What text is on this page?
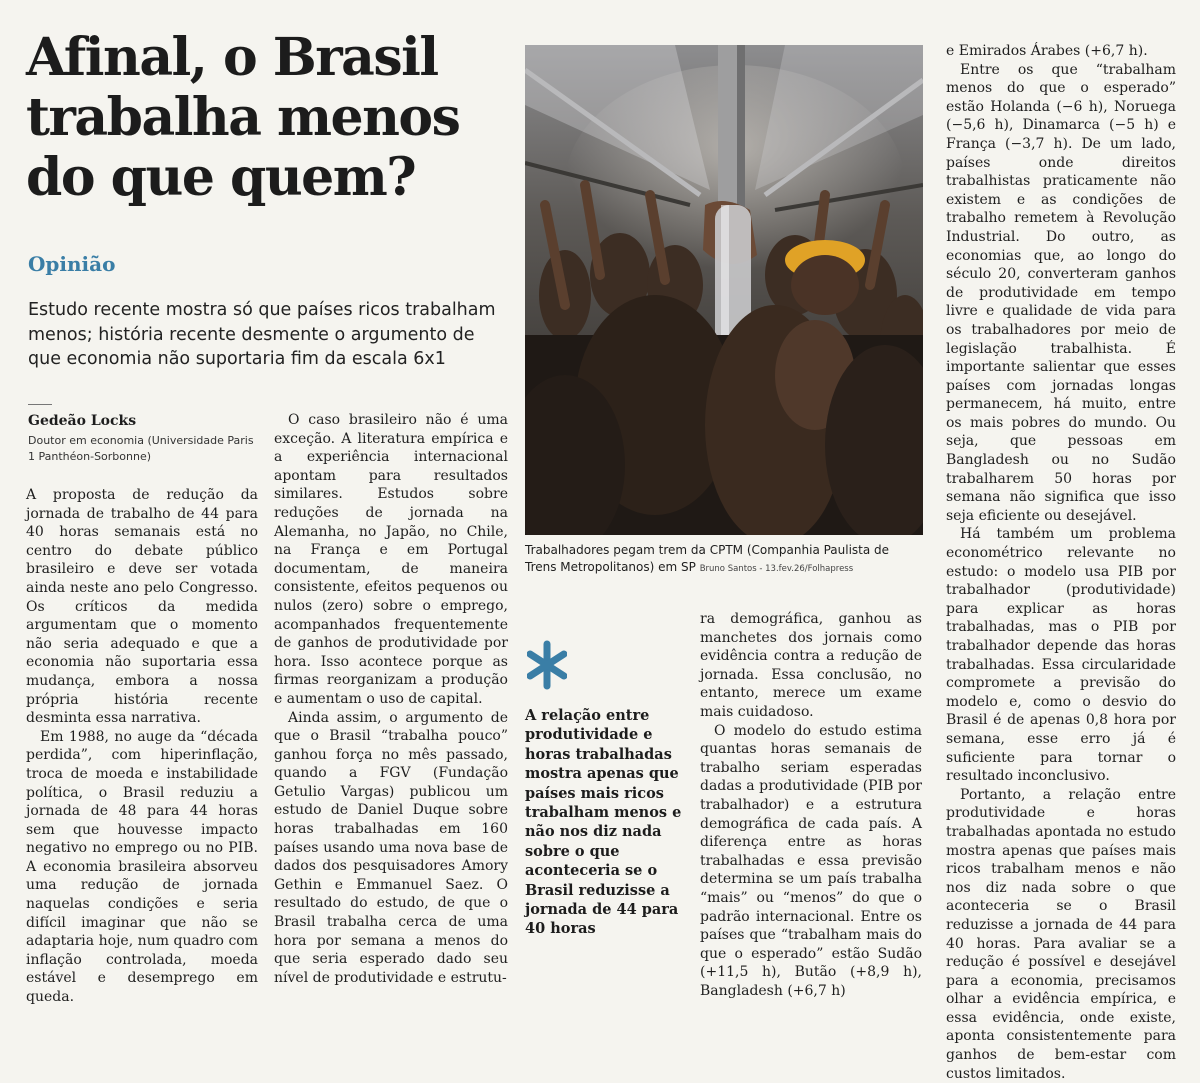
Afinal, o Brasil trabalha menos do que quem?
Opinião

Estudo recente mostra só que países ricos trabalham menos; história recente desmente o argumento de que economia não suportaria fim da escala 6x1

Gedeão Locks

Doutor em economia (Universidade Paris 1 Panthéon-Sorbonne)

A proposta de redução da jornada de trabalho de 44 para 40 horas semanais está no centro do debate público brasileiro e deve ser votada ainda neste ano pelo Congresso. Os críticos da medida argumentam que o momento não seria adequado e que a economia não suportaria essa mudança, embora a nossa própria história recente desminta essa narrativa.

Em 1988, no auge da “década perdida”, com hiperinflação, troca de moeda e instabilidade política, o Brasil reduziu a jornada de 48 para 44 horas sem que houvesse impacto negativo no emprego ou no PIB. A economia brasileira absorveu uma redução de jornada naquelas condições e seria difícil imaginar que não se adaptaria hoje, num quadro com inflação controlada, moeda estável e desemprego em queda.

O caso brasileiro não é uma exceção. A literatura empírica e a experiência internacional apontam para resultados similares. Estudos sobre reduções de jornada na Alemanha, no Japão, no Chile, na França e em Portugal documentam, de maneira consistente, efeitos pequenos ou nulos (zero) sobre o emprego, acompanhados frequentemente de ganhos de produtividade por hora. Isso acontece porque as firmas reorganizam a produção e aumentam o uso de capital.

Ainda assim, o argumento de que o Brasil “trabalha pouco” ganhou força no mês passado, quando a FGV (Fundação Getulio Vargas) publicou um estudo de Daniel Duque sobre horas trabalhadas em 160 países usando uma nova base de dados dos pesquisadores Amory Gethin e Emmanuel Saez. O resultado do estudo, de que o Brasil trabalha cerca de uma hora por semana a menos do que seria esperado dado seu nível de produtividade e estrutu-

Trabalhadores pegam trem da CPTM (Companhia Paulista de Trens Metropolitanos) em SP Bruno Santos - 13.fev.26/Folhapress

A relação entre produtividade e horas trabalhadas mostra apenas que países mais ricos trabalham menos e não nos diz nada sobre o que aconteceria se o Brasil reduzisse a jornada de 44 para 40 horas

ra demográfica, ganhou as manchetes dos jornais como evidência contra a redução de jornada. Essa conclusão, no entanto, merece um exame mais cuidadoso.

O modelo do estudo estima quantas horas semanais de trabalho seriam esperadas dadas a produtividade (PIB por trabalhador) e a estrutura demográfica de cada país. A diferença entre as horas trabalhadas e essa previsão determina se um país trabalha “mais” ou “menos” do que o padrão internacional. Entre os países que “trabalham mais do que o esperado” estão Sudão (+11,5 h), Butão (+8,9 h), Bangladesh (+6,7 h)

e Emirados Árabes (+6,7 h).

Entre os que “trabalham menos do que o esperado” estão Holanda (−6 h), Noruega (−5,6 h), Dinamarca (−5 h) e França (−3,7 h). De um lado, países onde direitos trabalhistas praticamente não existem e as condições de trabalho remetem à Revolução Industrial. Do outro, as economias que, ao longo do século 20, converteram ganhos de produtividade em tempo livre e qualidade de vida para os trabalhadores por meio de legislação trabalhista. É importante salientar que esses países com jornadas longas permanecem, há muito, entre os mais pobres do mundo. Ou seja, que pessoas em Bangladesh ou no Sudão trabalharem 50 horas por semana não significa que isso seja eficiente ou desejável.

Há também um problema econométrico relevante no estudo: o modelo usa PIB por trabalhador (produtividade) para explicar as horas trabalhadas, mas o PIB por trabalhador depende das horas trabalhadas. Essa circularidade compromete a previsão do modelo e, como o desvio do Brasil é de apenas 0,8 hora por semana, esse erro já é suficiente para tornar o resultado inconclusivo.

Portanto, a relação entre produtividade e horas trabalhadas apontada no estudo mostra apenas que países mais ricos trabalham menos e não nos diz nada sobre o que aconteceria se o Brasil reduzisse a jornada de 44 para 40 horas. Para avaliar se a redução é possível e desejável para a economia, precisamos olhar a evidência empírica, e essa evidência, onde existe, aponta consistentemente para ganhos de bem-estar com custos limitados.
